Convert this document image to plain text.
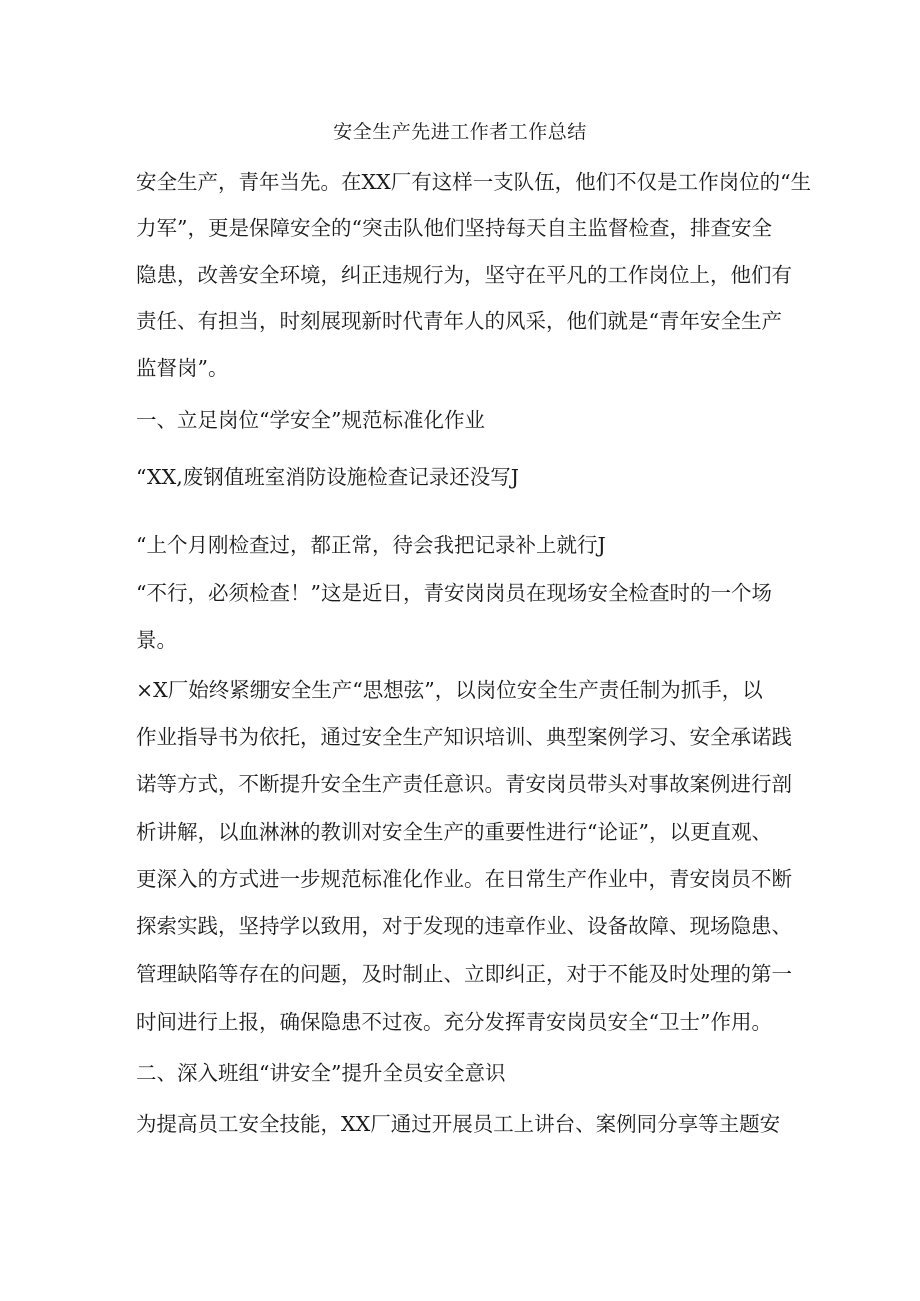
安全生产先进工作者工作总结
安全生产，青年当先。在XX厂有这样一支队伍，他们不仅是工作岗位的“生
力军”，更是保障安全的“突击队他们坚持每天自主监督检查，排查安全
隐患，改善安全环境，纠正违规行为，坚守在平凡的工作岗位上，他们有
责任、有担当，时刻展现新时代青年人的风采，他们就是“青年安全生产
监督岗”。
一、立足岗位“学安全”规范标准化作业
“XX,废钢值班室消防设施检查记录还没写J
“上个月刚检查过，都正常，待会我把记录补上就行J
“不行，必须检查！”这是近日，青安岗岗员在现场安全检查时的一个场
景。
×X厂始终紧绷安全生产“思想弦”，以岗位安全生产责任制为抓手，以
作业指导书为依托，通过安全生产知识培训、典型案例学习、安全承诺践
诺等方式，不断提升安全生产责任意识。青安岗员带头对事故案例进行剖
析讲解，以血淋淋的教训对安全生产的重要性进行“论证”，以更直观、
更深入的方式进一步规范标准化作业。在日常生产作业中，青安岗员不断
探索实践，坚持学以致用，对于发现的违章作业、设备故障、现场隐患、
管理缺陷等存在的问题，及时制止、立即纠正，对于不能及时处理的第一
时间进行上报，确保隐患不过夜。充分发挥青安岗员安全“卫士”作用。
二、深入班组“讲安全”提升全员安全意识
为提高员工安全技能，XX厂通过开展员工上讲台、案例同分享等主题安
